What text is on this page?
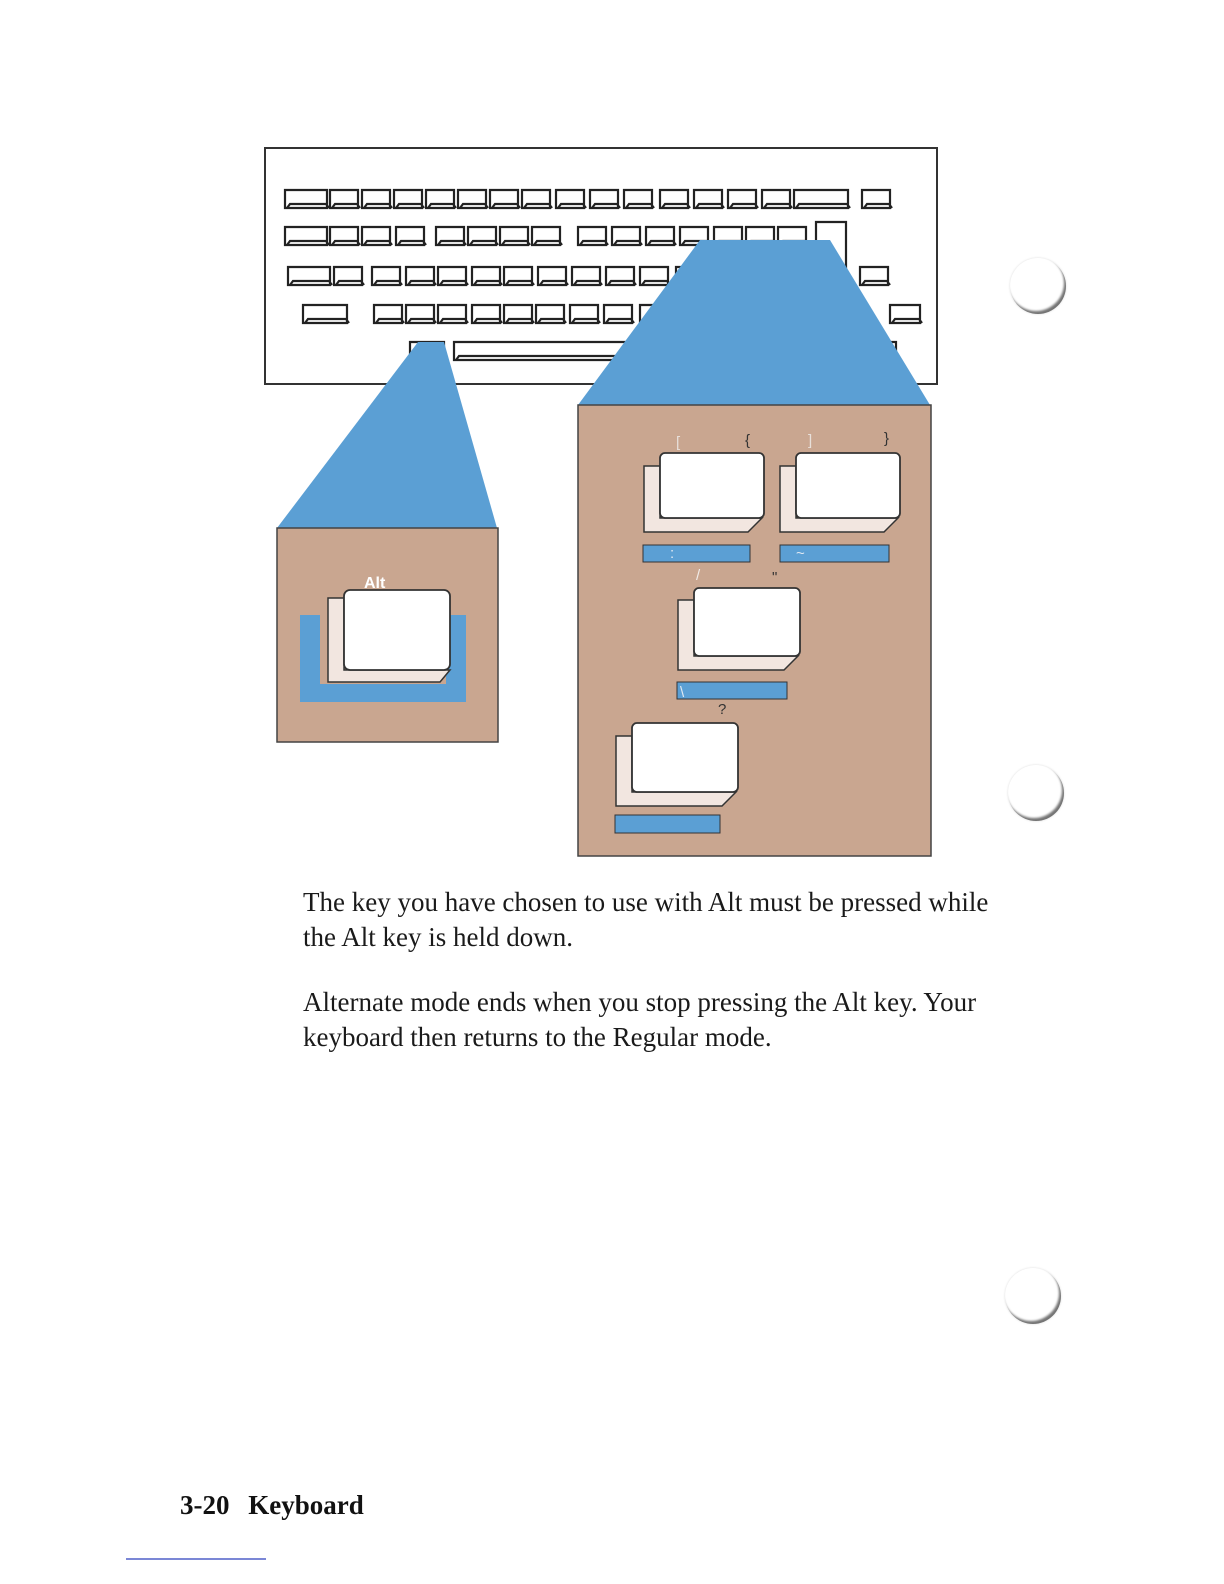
Alt
[	{	]	}
:	~
/	"
\
?

The key you have chosen to use with Alt must be pressed while the Alt key is held down.

Alternate mode ends when you stop pressing the Alt key. Your keyboard then returns to the Regular mode.

3-20 Keyboard
